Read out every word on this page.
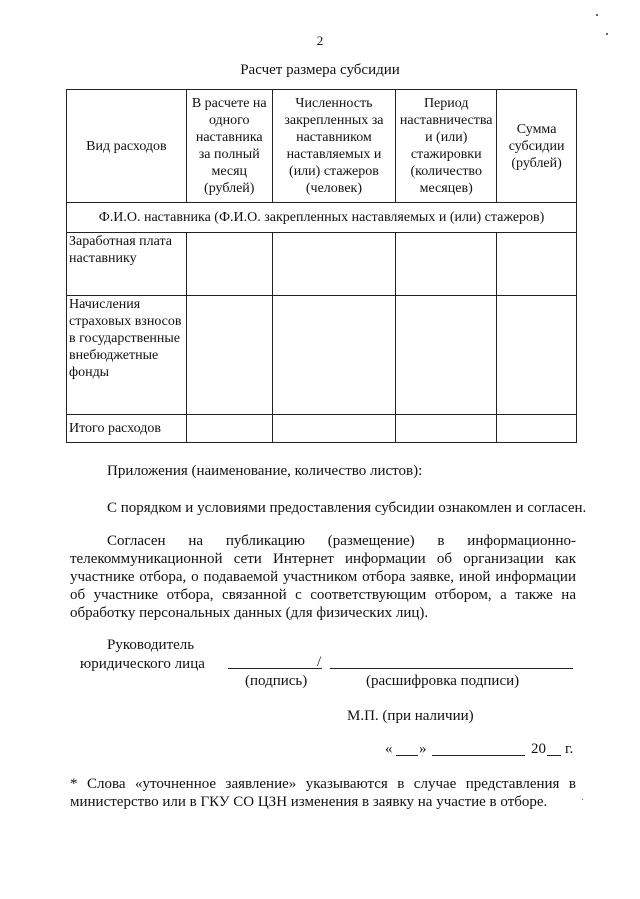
2
Расчет размера субсидии
Вид расходов	В расчете на одного наставника за полный месяц (рублей)	Численность закрепленных за наставником наставляемых и (или) стажеров (человек)	Период наставничества и (или) стажировки (количество месяцев)	Сумма субсидии (рублей)
Ф.И.О. наставника (Ф.И.О. закрепленных наставляемых и (или) стажеров)				
Заработная плата наставнику				
Начисления страховых взносов в государственные внебюджетные фонды				
Итого расходов				
Приложения (наименование, количество листов):
С порядком и условиями предоставления субсидии ознакомлен и согласен.
Согласен на публикацию (размещение) в информационно-телекоммуникационной сети Интернет информации об организации как участнике отбора, о подаваемой участником отбора заявке, иной информации об участнике отбора, связанной с соответствующим отбором, а также на обработку персональных данных (для физических лиц).
Руководитель
юридического лица	/
(подпись)	(расшифровка подписи)
М.П. (при наличии)
« »	20 г.
* Слова «уточненное заявление» указываются в случае представления в министерство или в ГКУ СО ЦЗН изменения в заявку на участие в отборе.
